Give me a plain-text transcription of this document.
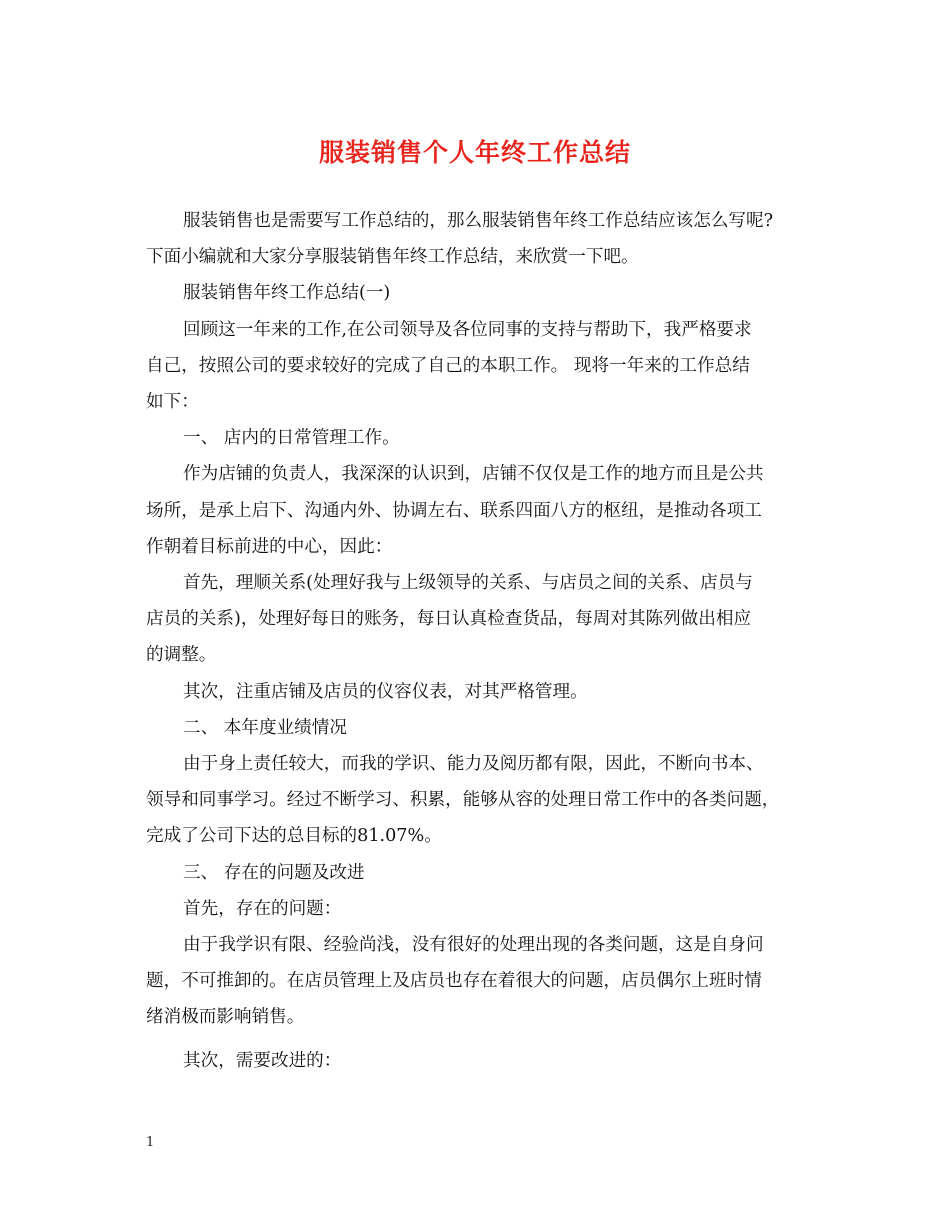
服装销售个人年终工作总结
服装销售也是需要写工作总结的，那么服装销售年终工作总结应该怎么写呢?
下面小编就和大家分享服装销售年终工作总结，来欣赏一下吧。
服装销售年终工作总结(一)
回顾这一年来的工作,在公司领导及各位同事的支持与帮助下，我严格要求
自己，按照公司的要求较好的完成了自己的本职工作。 现将一年来的工作总结
如下：
一、 店内的日常管理工作。
作为店铺的负责人，我深深的认识到，店铺不仅仅是工作的地方而且是公共
场所，是承上启下、沟通内外、协调左右、联系四面八方的枢纽，是推动各项工
作朝着目标前进的中心，因此：
首先，理顺关系(处理好我与上级领导的关系、与店员之间的关系、店员与
店员的关系)，处理好每日的账务，每日认真检查货品，每周对其陈列做出相应
的调整。
其次，注重店铺及店员的仪容仪表，对其严格管理。
二、 本年度业绩情况
由于身上责任较大，而我的学识、能力及阅历都有限，因此，不断向书本、
领导和同事学习。经过不断学习、积累，能够从容的处理日常工作中的各类问题，
完成了公司下达的总目标的81.07%。
三、 存在的问题及改进
首先，存在的问题：
由于我学识有限、经验尚浅，没有很好的处理出现的各类问题，这是自身问
题，不可推卸的。在店员管理上及店员也存在着很大的问题，店员偶尔上班时情
绪消极而影响销售。
其次，需要改进的：
1
